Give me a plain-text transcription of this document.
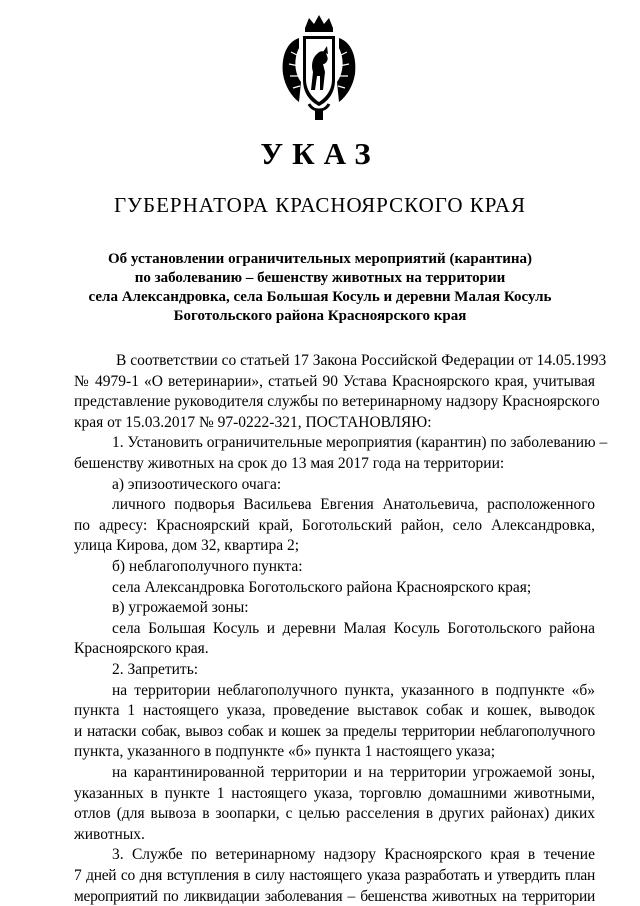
УКАЗ
ГУБЕРНАТОРА КРАСНОЯРСКОГО КРАЯ
Об установлении ограничительных мероприятий (карантина)
по заболеванию – бешенству животных на территории
села Александровка, села Большая Косуль и деревни Малая Косуль
Боготольского района Красноярского края
В соответствии со статьей 17 Закона Российской Федерации от 14.05.1993
№ 4979-1 «О ветеринарии», статьей 90 Устава Красноярского края, учитывая
представление руководителя службы по ветеринарному надзору Красноярского
края от 15.03.2017 № 97-0222-321, ПОСТАНОВЛЯЮ:
1. Установить ограничительные мероприятия (карантин) по заболеванию –
бешенству животных на срок до 13 мая 2017 года на территории:
а) эпизоотического очага:
личного подворья Васильева Евгения Анатольевича, расположенного
по адресу: Красноярский край, Боготольский район, село Александровка,
улица Кирова, дом 32, квартира 2;
б) неблагополучного пункта:
села Александровка Боготольского района Красноярского края;
в) угрожаемой зоны:
села Большая Косуль и деревни Малая Косуль Боготольского района
Красноярского края.
2. Запретить:
на территории неблагополучного пункта, указанного в подпункте «б»
пункта 1 настоящего указа, проведение выставок собак и кошек, выводок
и натаски собак, вывоз собак и кошек за пределы территории неблагополучного
пункта, указанного в подпункте «б» пункта 1 настоящего указа;
на карантинированной территории и на территории угрожаемой зоны,
указанных в пункте 1 настоящего указа, торговлю домашними животными,
отлов (для вывоза в зоопарки, с целью расселения в других районах) диких
животных.
3. Службе по ветеринарному надзору Красноярского края в течение
7 дней со дня вступления в силу настоящего указа разработать и утвердить план
мероприятий по ликвидации заболевания – бешенства животных на территории
